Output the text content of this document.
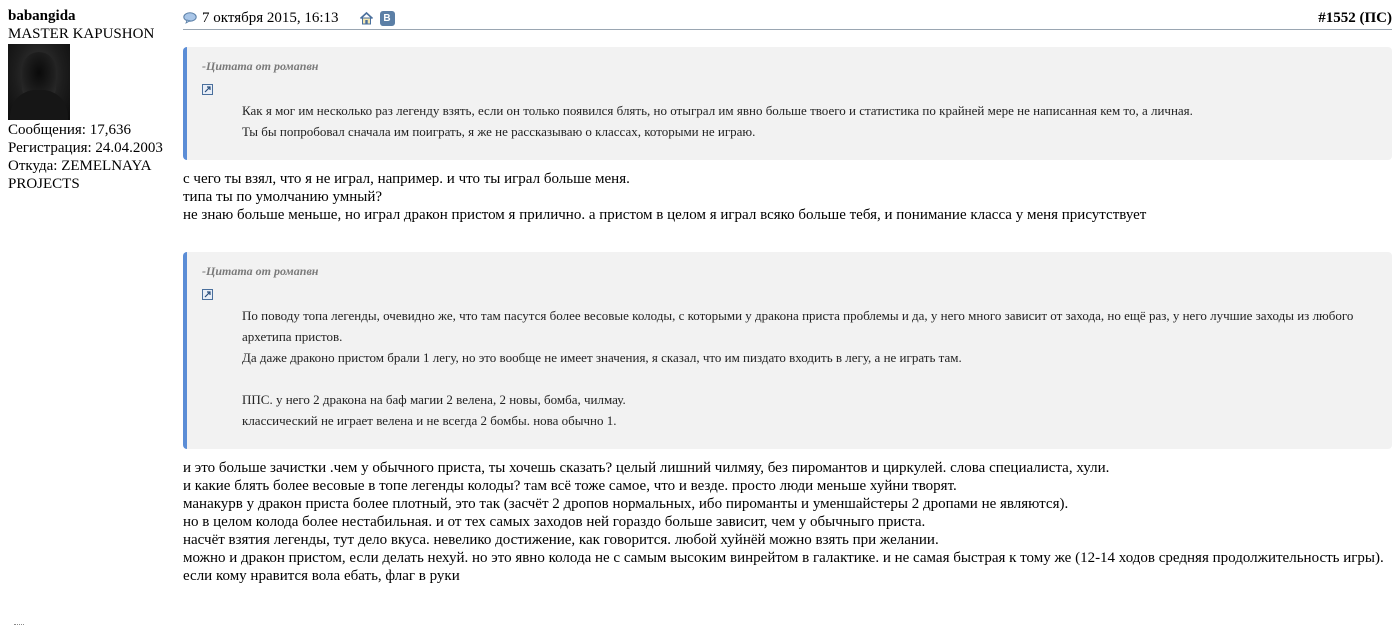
babangida
MASTER KAPUSHON
Сообщения: 17,636
Регистрация: 24.04.2003
Откуда: ZEMELNAYA PROJECTS
7 октября 2015, 16:13	В	#1552 (ПС)
-Цитата от ромапвн

Как я мог им несколько раз легенду взять, если он только появился блять, но отыграл им явно больше твоего и статистика по крайней мере не написанная кем то, а личная.

Ты бы попробовал сначала им поиграть, я же не рассказываю о классах, которыми не играю.

с чего ты взял, что я не играл, например. и что ты играл больше меня.

типа ты по умолчанию умный?

не знаю больше меньше, но играл дракон пристом я прилично. а пристом в целом я играл всяко больше тебя, и понимание класса у меня присутствует

-Цитата от ромапвн

По поводу топа легенды, очевидно же, что там пасутся более весовые колоды, с которыми у дракона приста проблемы и да, у него много зависит от захода, но ещё раз, у него лучшие заходы из любого архетипа пристов.

Да даже драконо пристом брали 1 легу, но это вообще не имеет значения, я сказал, что им пиздато входить в легу, а не играть там.

ППС. у него 2 дракона на баф магии 2 велена, 2 новы, бомба, чилмау.

классический не играет велена и не всегда 2 бомбы. нова обычно 1.

и это больше зачистки .чем у обычного приста, ты хочешь сказать? целый лишний чилмяу, без пиромантов и циркулей. слова специалиста, хули.

и какие блять более весовые в топе легенды колоды? там всё тоже самое, что и везде. просто люди меньше хуйни творят.

манакурв у дракон приста более плотный, это так (засчёт 2 дропов нормальных, ибо пироманты и уменшайстеры 2 дропами не являются).

но в целом колода более нестабильная. и от тех самых заходов ней гораздо больше зависит, чем у обычныго приста.

насчёт взятия легенды, тут дело вкуса. невелико достижение, как говорится. любой хуйнёй можно взять при желании.

можно и дракон пристом, если делать нехуй. но это явно колода не с самым высоким винрейтом в галактике. и не самая быстрая к тому же (12-14 ходов средняя продолжительность игры). если кому нравится вола ебать, флаг в руки
